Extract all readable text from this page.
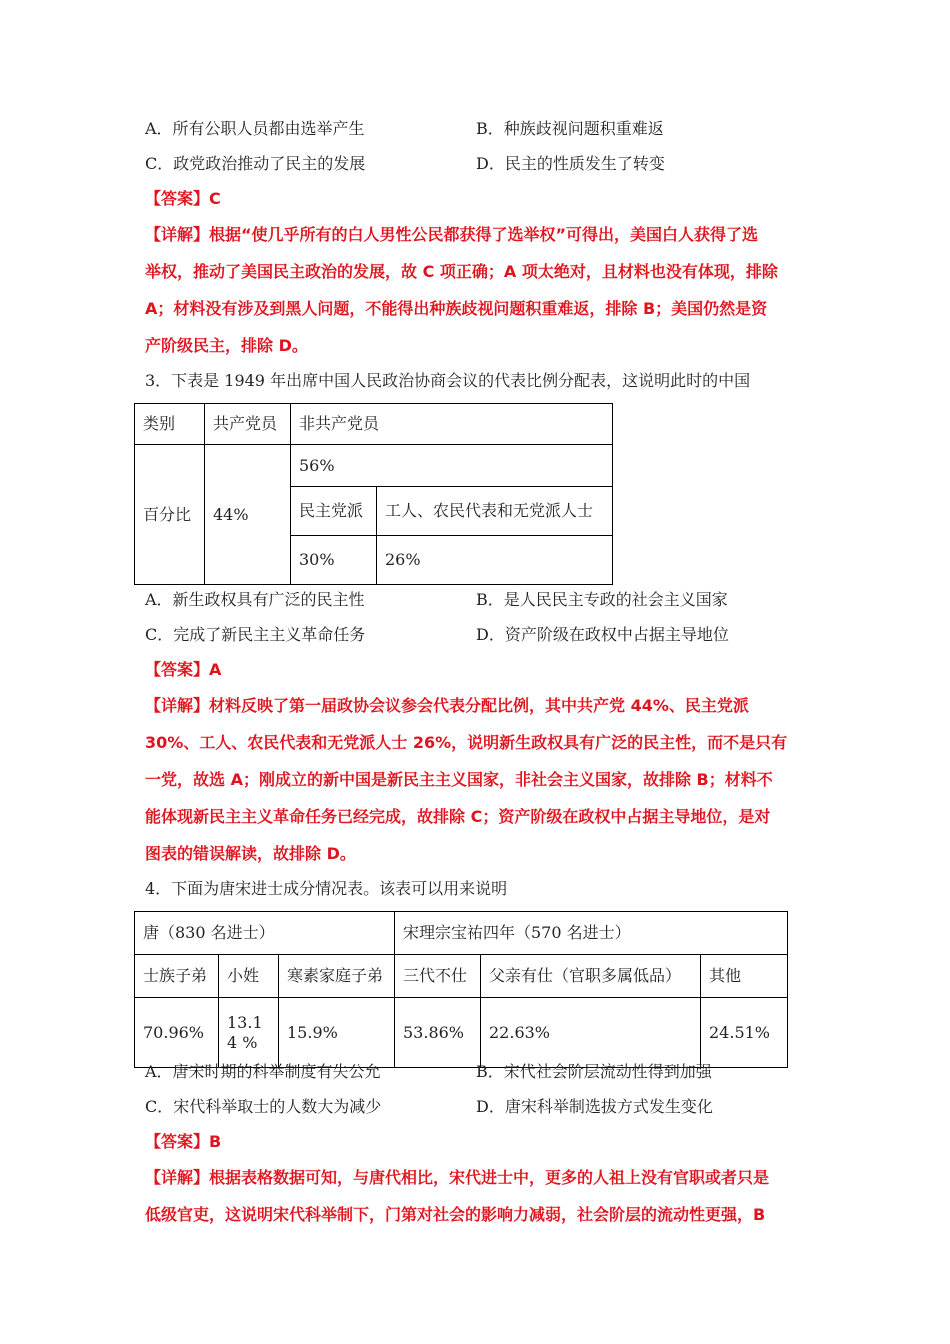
A．所有公职人员都由选举产生	B．种族歧视问题积重难返
C．政党政治推动了民主的发展	D．民主的性质发生了转变
【答案】C
【详解】根据“使几乎所有的白人男性公民都获得了选举权”可得出，美国白人获得了选
举权，推动了美国民主政治的发展，故 C 项正确；A 项太绝对，且材料也没有体现，排除
A；材料没有涉及到黑人问题，不能得出种族歧视问题积重难返，排除 B；美国仍然是资
产阶级民主，排除 D。
3．下表是 1949 年出席中国人民政治协商会议的代表比例分配表，这说明此时的中国
类别	共产党员	非共产党员	
百分比	44%	56%	
		民主党派	工人、农民代表和无党派人士
		30%	26%
A．新生政权具有广泛的民主性	B．是人民民主专政的社会主义国家
C．完成了新民主主义革命任务	D．资产阶级在政权中占据主导地位
【答案】A
【详解】材料反映了第一届政协会议参会代表分配比例，其中共产党 44%、民主党派
30%、工人、农民代表和无党派人士 26%，说明新生政权具有广泛的民主性，而不是只有
一党，故选 A；刚成立的新中国是新民主主义国家，非社会主义国家，故排除 B；材料不
能体现新民主主义革命任务已经完成，故排除 C；资产阶级在政权中占据主导地位，是对
图表的错误解读，故排除 D。
4．下面为唐宋进士成分情况表。该表可以用来说明
唐（830 名进士）			宋理宗宝祐四年（570 名进士）		
士族子弟	小姓	寒素家庭子弟	三代不仕	父亲有仕（官职多属低品）	其他
70.96%	13.14 %	15.9%	53.86%	22.63%	24.51%
A．唐宋时期的科举制度有失公允	B．宋代社会阶层流动性得到加强
C．宋代科举取士的人数大为减少	D．唐宋科举制选拔方式发生变化
【答案】B
【详解】根据表格数据可知，与唐代相比，宋代进士中，更多的人祖上没有官职或者只是
低级官吏，这说明宋代科举制下，门第对社会的影响力减弱，社会阶层的流动性更强，B
